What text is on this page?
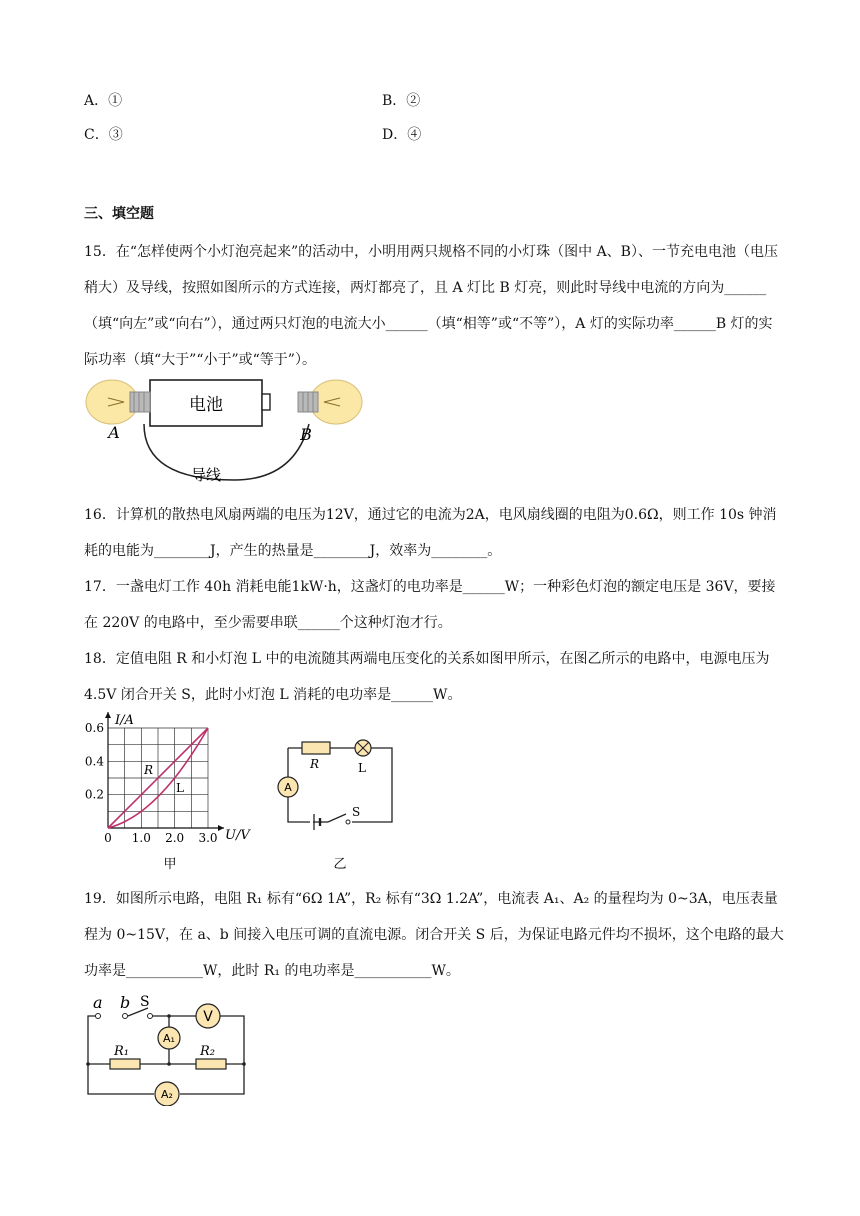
A．①	B．②
C．③	D．④
三、填空题
15．在“怎样使两个小灯泡亮起来”的活动中，小明用两只规格不同的小灯珠（图中 A、B）、一节充电电池（电压稍大）及导线，按照如图所示的方式连接，两灯都亮了，且 A 灯比 B 灯亮，则此时导线中电流的方向为______（填“向左”或“向右”），通过两只灯泡的电流大小______（填“相等”或“不等”），A 灯的实际功率______B 灯的实际功率（填“大于”“小于”或“等于”）。
电池
A	B
导线
16．计算机的散热电风扇两端的电压为12V，通过它的电流为2A，电风扇线圈的电阻为0.6Ω，则工作 10s 钟消耗的电能为________J，产生的热量是________J，效率为________。
17．一盏电灯工作 40h 消耗电能1kW·h，这盏灯的电功率是______W；一种彩色灯泡的额定电压是 36V，要接在 220V 的电路中，至少需要串联______个这种灯泡才行。
18．定值电阻 R 和小灯泡 L 中的电流随其两端电压变化的关系如图甲所示，在图乙所示的电路中，电源电压为 4.5V 闭合开关 S，此时小灯泡 L 消耗的电功率是______W。
0.6
0.4
0.2
0 1.0 2.0 3.0
I/A
U/V
R
L
甲
A
R	L
S
乙
19．如图所示电路，电阻 R₁ 标有“6Ω 1A”，R₂ 标有“3Ω 1.2A”，电流表 A₁、A₂ 的量程均为 0~3A，电压表量程为 0~15V，在 a、b 间接入电压可调的直流电源。闭合开关 S 后，为保证电路元件均不损坏，这个电路的最大功率是___________W，此时 R₁ 的电功率是___________W。
V
A₁
A₂
a b S
R₁	R₂
